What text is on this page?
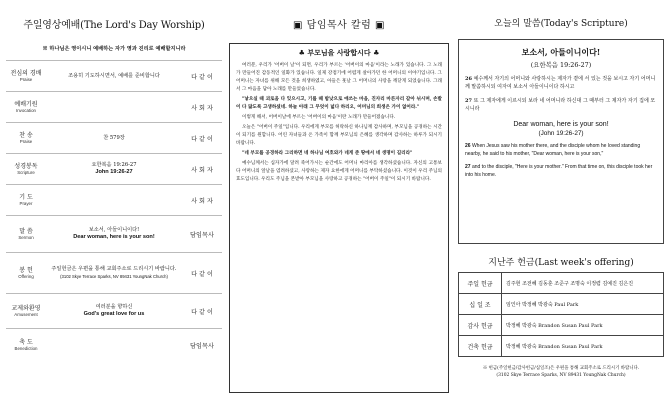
주일영상예배(The Lord's Day Worship)
※ 하나님은 영이시니 예배하는 자가 영과 진리로 예배할지니라
전심의 경배
Praise
조용히 기도하시면서, 예배를 준비합니다	다 같 이
예배기원
Invocation	사 회 자
찬 송
Praise
찬 579장	다 같 이
성경봉독
Scripture
요한복음 19:26-27
John 19:26-27	사 회 자
기 도
Prayer	사 회 자
말 씀
Sermon
보소서, 아들이니이다!
Dear woman, here is your son!	담임목사
봉 헌
Offering
주일헌금은 우편을 통해 교회주소로 드리시기 바랍니다.
(3102 Skye Terrace Sparks, NV 89431 YoungNak Church)	다 같 이
교제와환영
Amusement
여러분을 향하신
God's great love for us	다 같 이
축 도
Benediction	담임목사
▣ 담임목사 칼럼 ▣
♣ 부모님을 사랑합시다 ♣

여러분, 우리가 '어버이 날'이 되면, 우리가 부르는 '어버이의 마음'이라는 노래가 있습니다. 그 노래가 만들어진 감동적인 일화가 있습니다. 일제 강점기에 어렵게 살아가던 한 어머니의 이야기입니다. 그 어머니는 자녀를 위해 모든 것을 희생하였고, 아들은 훗날 그 어머니의 사랑을 깨닫게 되었습니다. 그래서 그 마음을 담아 노래를 만들었습니다.

"낳으실 때 괴로움 다 잊으시고, 기를 때 밤낮으로 애쓰는 마음, 진자리 마른자리 갈아 뉘시며, 손발이 다 닳도록 고생하셨네. 하늘 아래 그 무엇이 넓다 하리오, 어머님의 희생은 가이 없어라."

이렇게 해서, 어버이날에 부르는 '어버이의 마음'이란 노래가 만들어졌습니다.

오늘은 "어버이 주일"입니다. 우리에게 부모를 허락하신 하나님께 감사하며, 부모님을 공경하는 시간이 되기를 원합니다. 어린 자녀들과 온 가족이 함께 부모님의 은혜를 생각하며 감사하는 하루가 되시기 바랍니다.

"네 부모를 공경하라 그리하면 네 하나님 여호와가 네게 준 땅에서 네 생명이 길리라"

예수님께서는 십자가에 달려 죽어가시는 순간에도 어머니 마리아를 생각하셨습니다. 자신의 고통보다 어머니의 앞날을 염려하셨고, 사랑하는 제자 요한에게 어머니를 부탁하셨습니다. 이것이 우리 주님의 효도입니다. 우리도 주님을 본받아 부모님을 사랑하고 공경하는 "어버이 주일"이 되시기 바랍니다.

오늘의 말씀(Today's Scripture)
보소서, 아들이니이다!
(요한복음 19:26-27)
26 예수께서 자기의 어머니와 사랑하시는 제자가 곁에 서 있는 것을 보시고 자기 어머니께 말씀하시되 여자여 보소서 아들이니이다 하시고
27 또 그 제자에게 이르시되 보라 네 어머니라 하신대 그 때부터 그 제자가 자기 집에 모시니라
Dear woman, here is your son!
(John 19:26-27)
26 When Jesus saw his mother there, and the disciple whom he loved standing nearby, he said to his mother, "Dear woman, here is your son,"
27 and to the disciple, "Here is your mother." From that time on, this disciple took her into his home.
지난주 헌금(Last week's offering)
주일 헌금	김주현 조전혜 김동훈 조준구 조명숙 이정렴 김예진 김은진
십 일 조	임인아 박정혜 박광숙 Paul Park
감사 헌금	박정혜 박광숙 Brandon Susan Paul Park
건축 헌금	박정혜 박광숙 Brandon Susan Paul Park
※ 헌금(주일헌금/감사헌금/십일조)은 우편을 통해 교회주소로 드리시기 바랍니다.
(3102 Skye Terrace Sparks, NV 89431 YoungNak Church)
